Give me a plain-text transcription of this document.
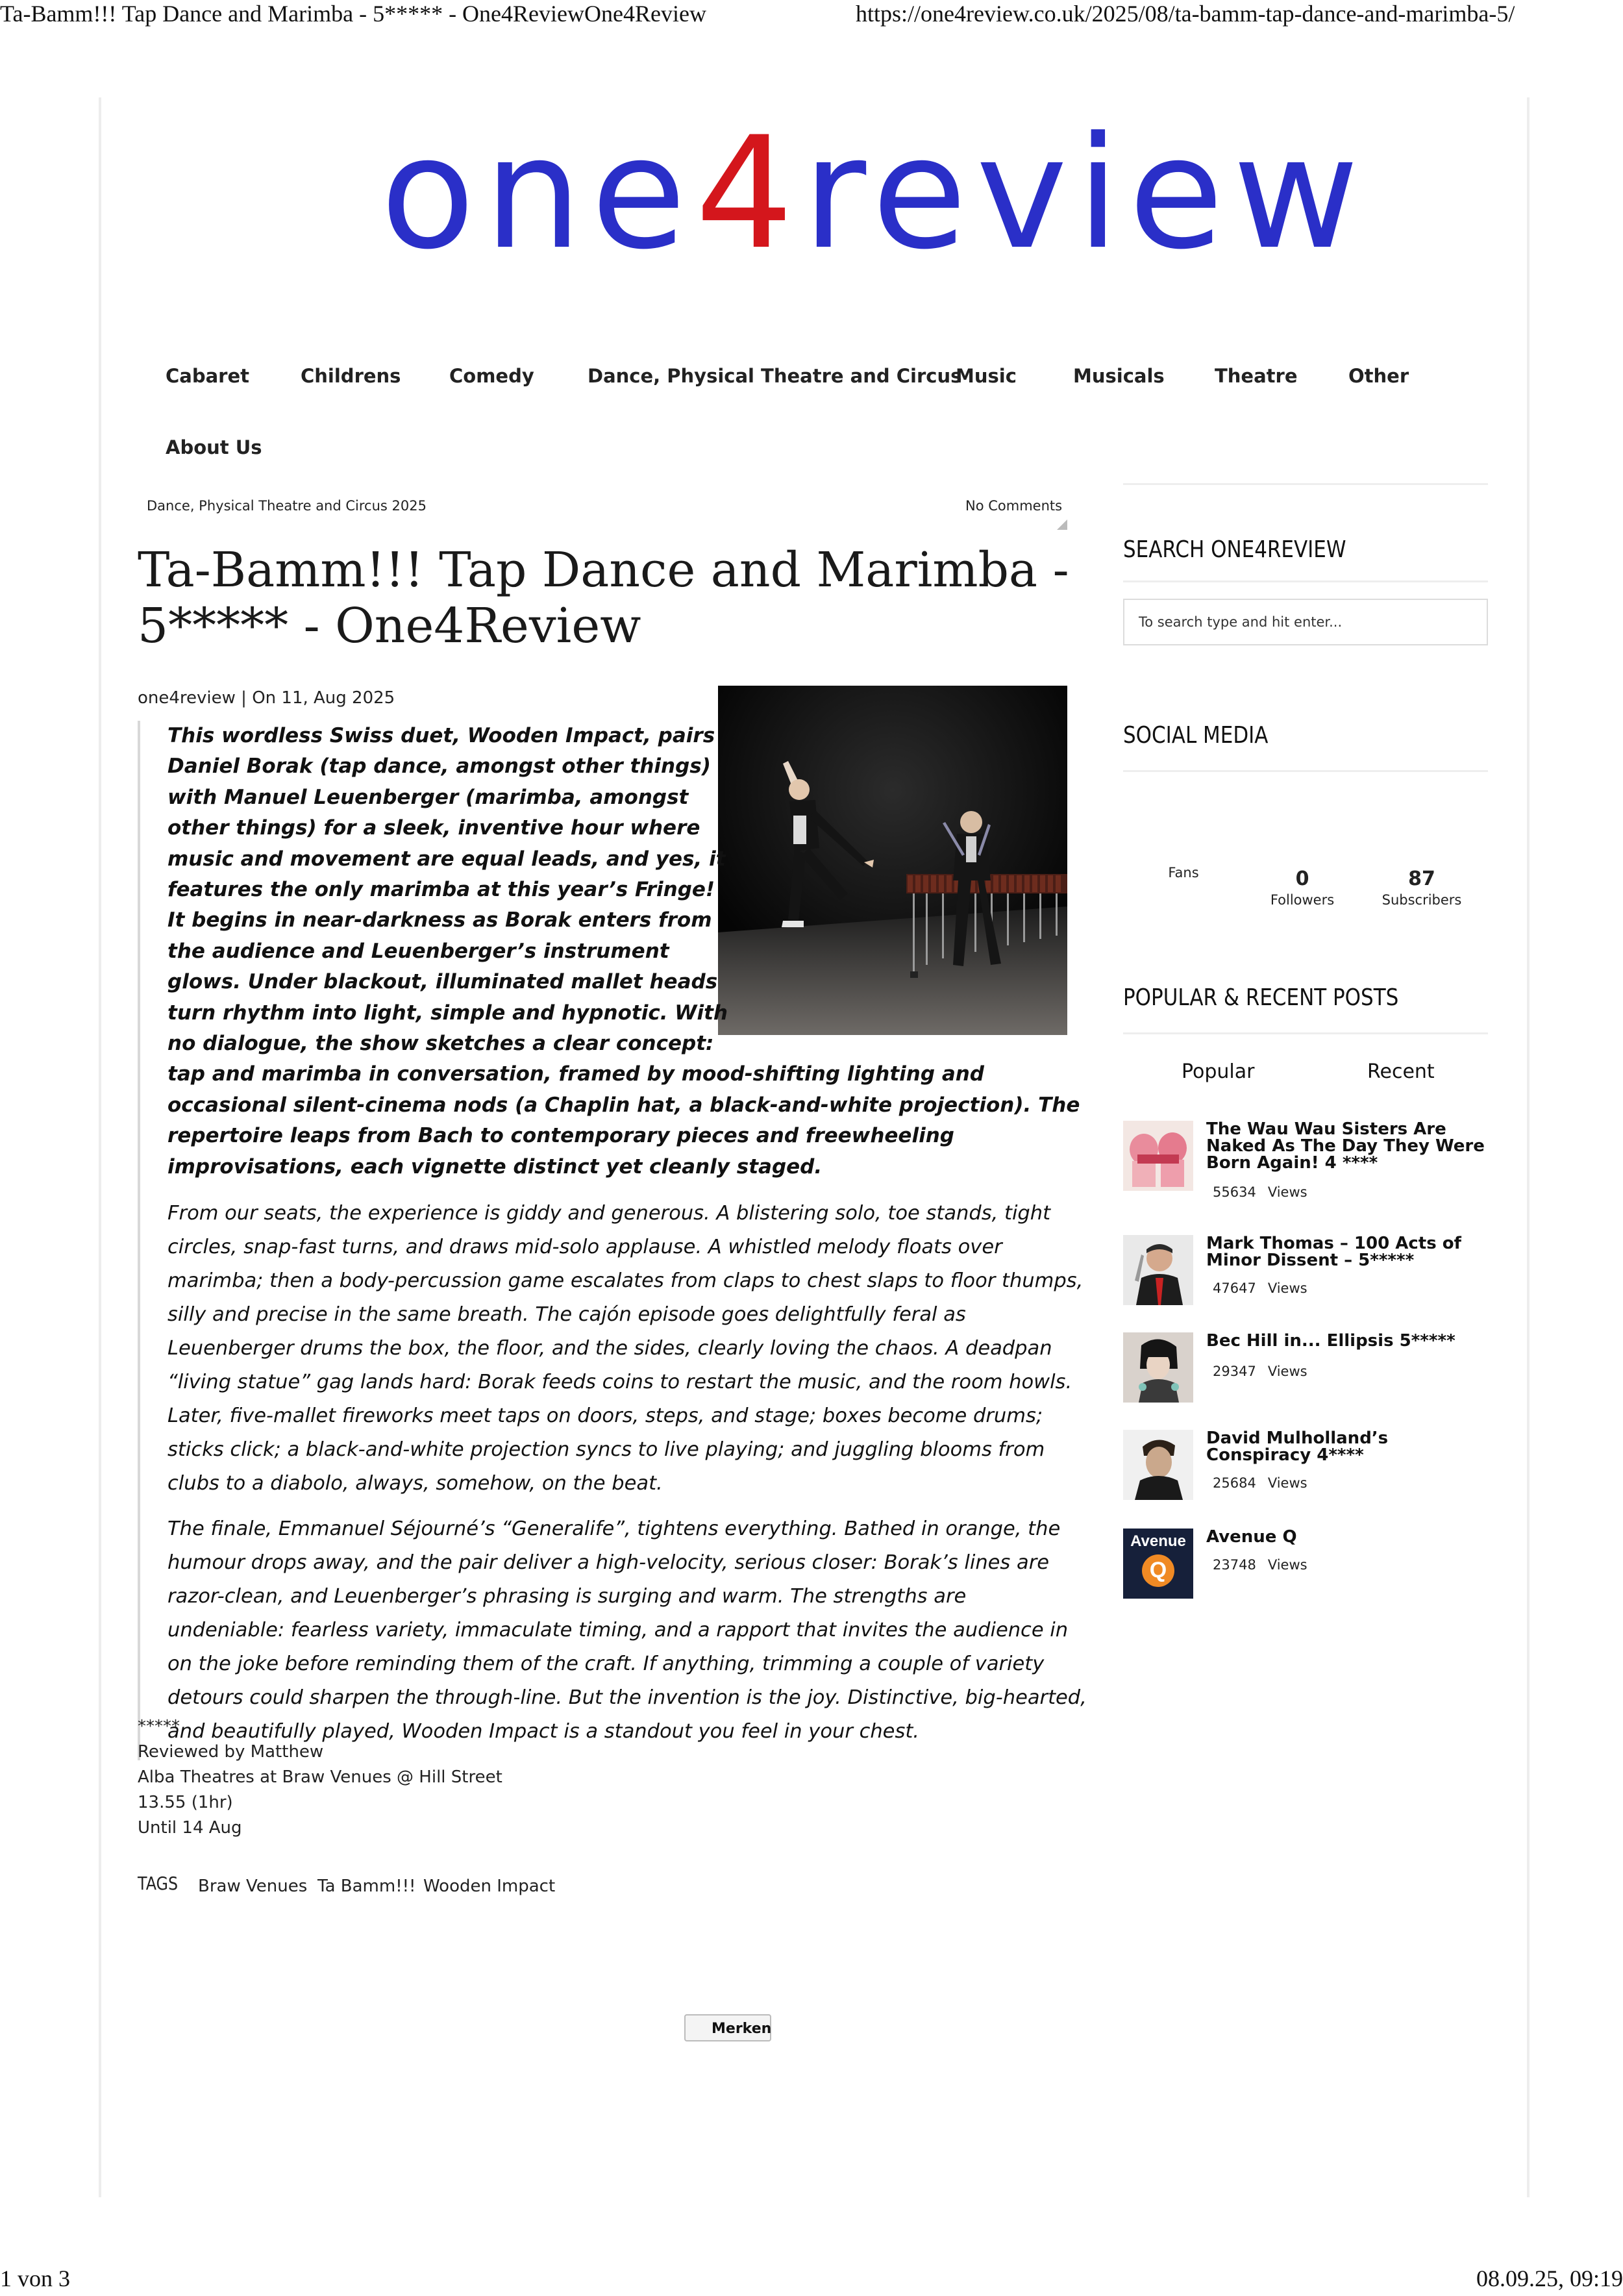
Ta-Bamm!!! Tap Dance and Marimba - 5***** - One4ReviewOne4Review	https://one4review.co.uk/2025/08/ta-bamm-tap-dance-and-marimba-5/
1 von 3	08.09.25, 09:19
one4review
Cabaret	Childrens	Comedy	Dance, Physical Theatre and Circus
Music	Musicals	Theatre	Other
About Us
Dance, Physical Theatre and Circus 2025	No Comments
Ta-Bamm!!! Tap Dance and Marimba - 5***** - One4Review
one4review | On 11, Aug 2025

This wordless Swiss duet, Wooden Impact, pairs Daniel Borak (tap dance, amongst other things) with Manuel Leuenberger (marimba, amongst other things) for a sleek, inventive hour where music and movement are equal leads, and yes, it features the only marimba at this year’s Fringe! It begins in near-darkness as Borak enters from the audience and Leuenberger’s instrument glows. Under blackout, illuminated mallet heads turn rhythm into light, simple and hypnotic. With no dialogue, the show sketches a clear concept: tap and marimba in conversation, framed by mood-shifting lighting and occasional silent-cinema nods (a Chaplin hat, a black-and-white projection). The repertoire leaps from Bach to contemporary pieces and freewheeling improvisations, each vignette distinct yet cleanly staged.

From our seats, the experience is giddy and generous. A blistering solo, toe stands, tight circles, snap-fast turns, and draws mid-solo applause. A whistled melody floats over marimba; then a body-percussion game escalates from claps to chest slaps to floor thumps, silly and precise in the same breath. The cajón episode goes delightfully feral as Leuenberger drums the box, the floor, and the sides, clearly loving the chaos. A deadpan “living statue” gag lands hard: Borak feeds coins to restart the music, and the room howls. Later, five-mallet fireworks meet taps on doors, steps, and stage; boxes become drums; sticks click; a black-and-white projection syncs to live playing; and juggling blooms from clubs to a diabolo, always, somehow, on the beat.

The finale, Emmanuel Séjourné’s “Generalife”, tightens everything. Bathed in orange, the humour drops away, and the pair deliver a high-velocity, serious closer: Borak’s lines are razor-clean, and Leuenberger’s phrasing is surging and warm. The strengths are undeniable: fearless variety, immaculate timing, and a rapport that invites the audience in on the joke before reminding them of the craft. If anything, trimming a couple of variety detours could sharpen the through-line. But the invention is the joy. Distinctive, big-hearted, and beautifully played, Wooden Impact is a standout you feel in your chest.

*****
Reviewed by Matthew
Alba Theatres at Braw Venues @ Hill Street
13.55 (1hr)
Until 14 Aug
TAGS Braw Venues Ta Bamm!!! Wooden Impact
Merken
SEARCH ONE4REVIEW
To search type and hit enter...
SOCIAL MEDIA
Fans	0
Followers
87
Subscribers
POPULAR & RECENT POSTS
Popular	Recent
The Wau Wau Sisters Are Naked As The Day They Were Born Again! 4 ****
55634 Views
Mark Thomas – 100 Acts of Minor Dissent – 5*****
47647 Views
Bec Hill in... Ellipsis 5*****
29347 Views
David Mulholland’s Conspiracy 4****
25684 Views
Avenue
Q
Avenue Q
23748 Views
